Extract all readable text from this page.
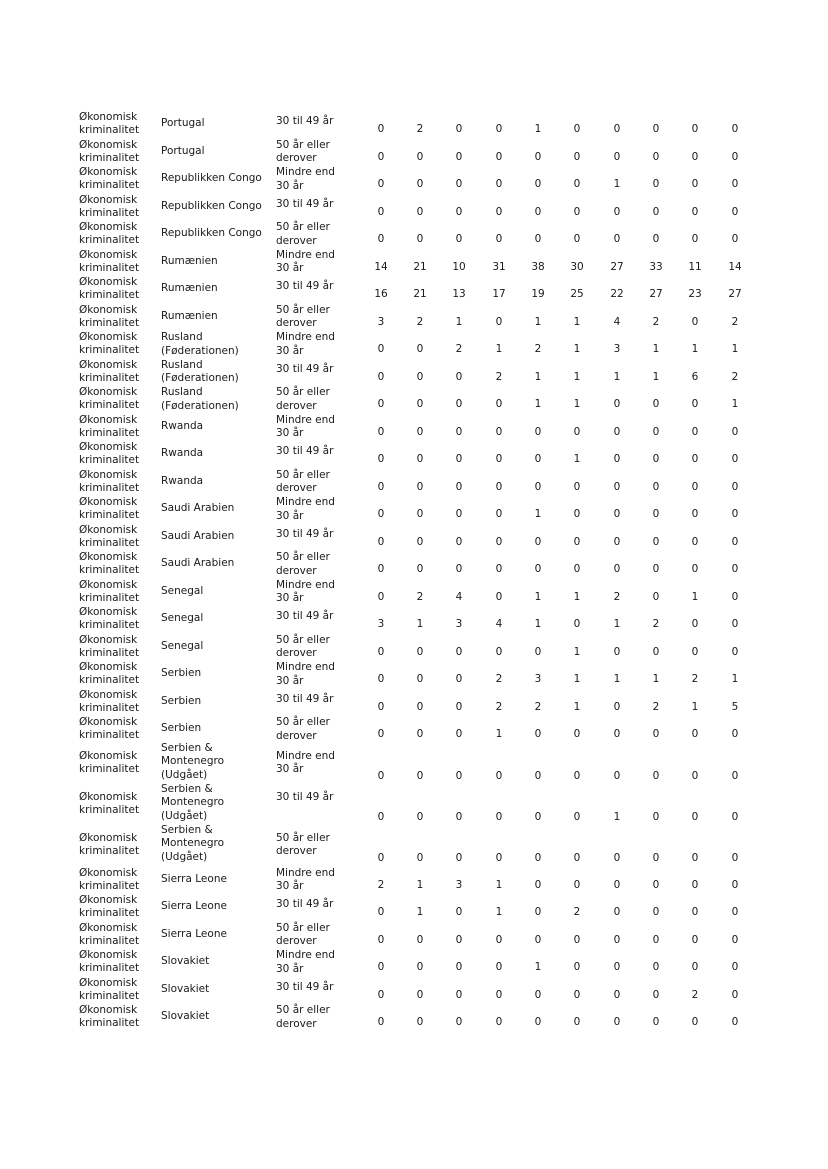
Økonomisk
kriminalitet
Portugal	30 til 49 år
0	2	0	0	1	0	0	0	0	0
Økonomisk
kriminalitet
Portugal	50 år eller
derover	0	0	0	0	0	0	0	0	0	0
Økonomisk
kriminalitet
Republikken Congo	Mindre end
30 år	0	0	0	0	0	0	1	0	0	0
Økonomisk
kriminalitet
Republikken Congo	30 til 49 år
0	0	0	0	0	0	0	0	0	0
Økonomisk
kriminalitet
Republikken Congo	50 år eller
derover	0	0	0	0	0	0	0	0	0	0
Økonomisk
kriminalitet
Rumænien	Mindre end
30 år	14	21	10	31	38	30	27	33	11	14
Økonomisk
kriminalitet
Rumænien	30 til 49 år
16	21	13	17	19	25	22	27	23	27
Økonomisk
kriminalitet
Rumænien	50 år eller
derover	3	2	1	0	1	1	4	2	0	2
Økonomisk
kriminalitet
Rusland
(Føderationen)
Mindre end
30 år	0	0	2	1	2	1	3	1	1	1
Økonomisk
kriminalitet
Rusland
(Føderationen)
30 til 49 år
0	0	0	2	1	1	1	1	6	2
Økonomisk
kriminalitet
Rusland
(Føderationen)
50 år eller
derover	0	0	0	0	1	1	0	0	0	1
Økonomisk
kriminalitet
Rwanda	Mindre end
30 år	0	0	0	0	0	0	0	0	0	0
Økonomisk
kriminalitet
Rwanda	30 til 49 år
0	0	0	0	0	1	0	0	0	0
Økonomisk
kriminalitet
Rwanda	50 år eller
derover	0	0	0	0	0	0	0	0	0	0
Økonomisk
kriminalitet
Saudi Arabien	Mindre end
30 år	0	0	0	0	1	0	0	0	0	0
Økonomisk
kriminalitet
Saudi Arabien	30 til 49 år
0	0	0	0	0	0	0	0	0	0
Økonomisk
kriminalitet
Saudi Arabien	50 år eller
derover	0	0	0	0	0	0	0	0	0	0
Økonomisk
kriminalitet
Senegal	Mindre end
30 år	0	2	4	0	1	1	2	0	1	0
Økonomisk
kriminalitet
Senegal	30 til 49 år
3	1	3	4	1	0	1	2	0	0
Økonomisk
kriminalitet
Senegal	50 år eller
derover	0	0	0	0	0	1	0	0	0	0
Økonomisk
kriminalitet
Serbien	Mindre end
30 år	0	0	0	2	3	1	1	1	2	1
Økonomisk
kriminalitet
Serbien	30 til 49 år
0	0	0	2	2	1	0	2	1	5
Økonomisk
kriminalitet
Serbien	50 år eller
derover	0	0	0	1	0	0	0	0	0	0
Økonomisk
kriminalitet
Serbien &
Montenegro
(Udgået)
Mindre end
30 år
0	0	0	0	0	0	0	0	0	0
Økonomisk
kriminalitet
Serbien &
Montenegro
(Udgået)
30 til 49 år
0	0	0	0	0	0	1	0	0	0
Økonomisk
kriminalitet
Serbien &
Montenegro
(Udgået)
50 år eller
derover
0	0	0	0	0	0	0	0	0	0
Økonomisk
kriminalitet
Sierra Leone	Mindre end
30 år	2	1	3	1	0	0	0	0	0	0
Økonomisk
kriminalitet
Sierra Leone	30 til 49 år
0	1	0	1	0	2	0	0	0	0
Økonomisk
kriminalitet
Sierra Leone	50 år eller
derover	0	0	0	0	0	0	0	0	0	0
Økonomisk
kriminalitet
Slovakiet	Mindre end
30 år	0	0	0	0	1	0	0	0	0	0
Økonomisk
kriminalitet
Slovakiet	30 til 49 år
0	0	0	0	0	0	0	0	2	0
Økonomisk
kriminalitet
Slovakiet	50 år eller
derover	0	0	0	0	0	0	0	0	0	0
